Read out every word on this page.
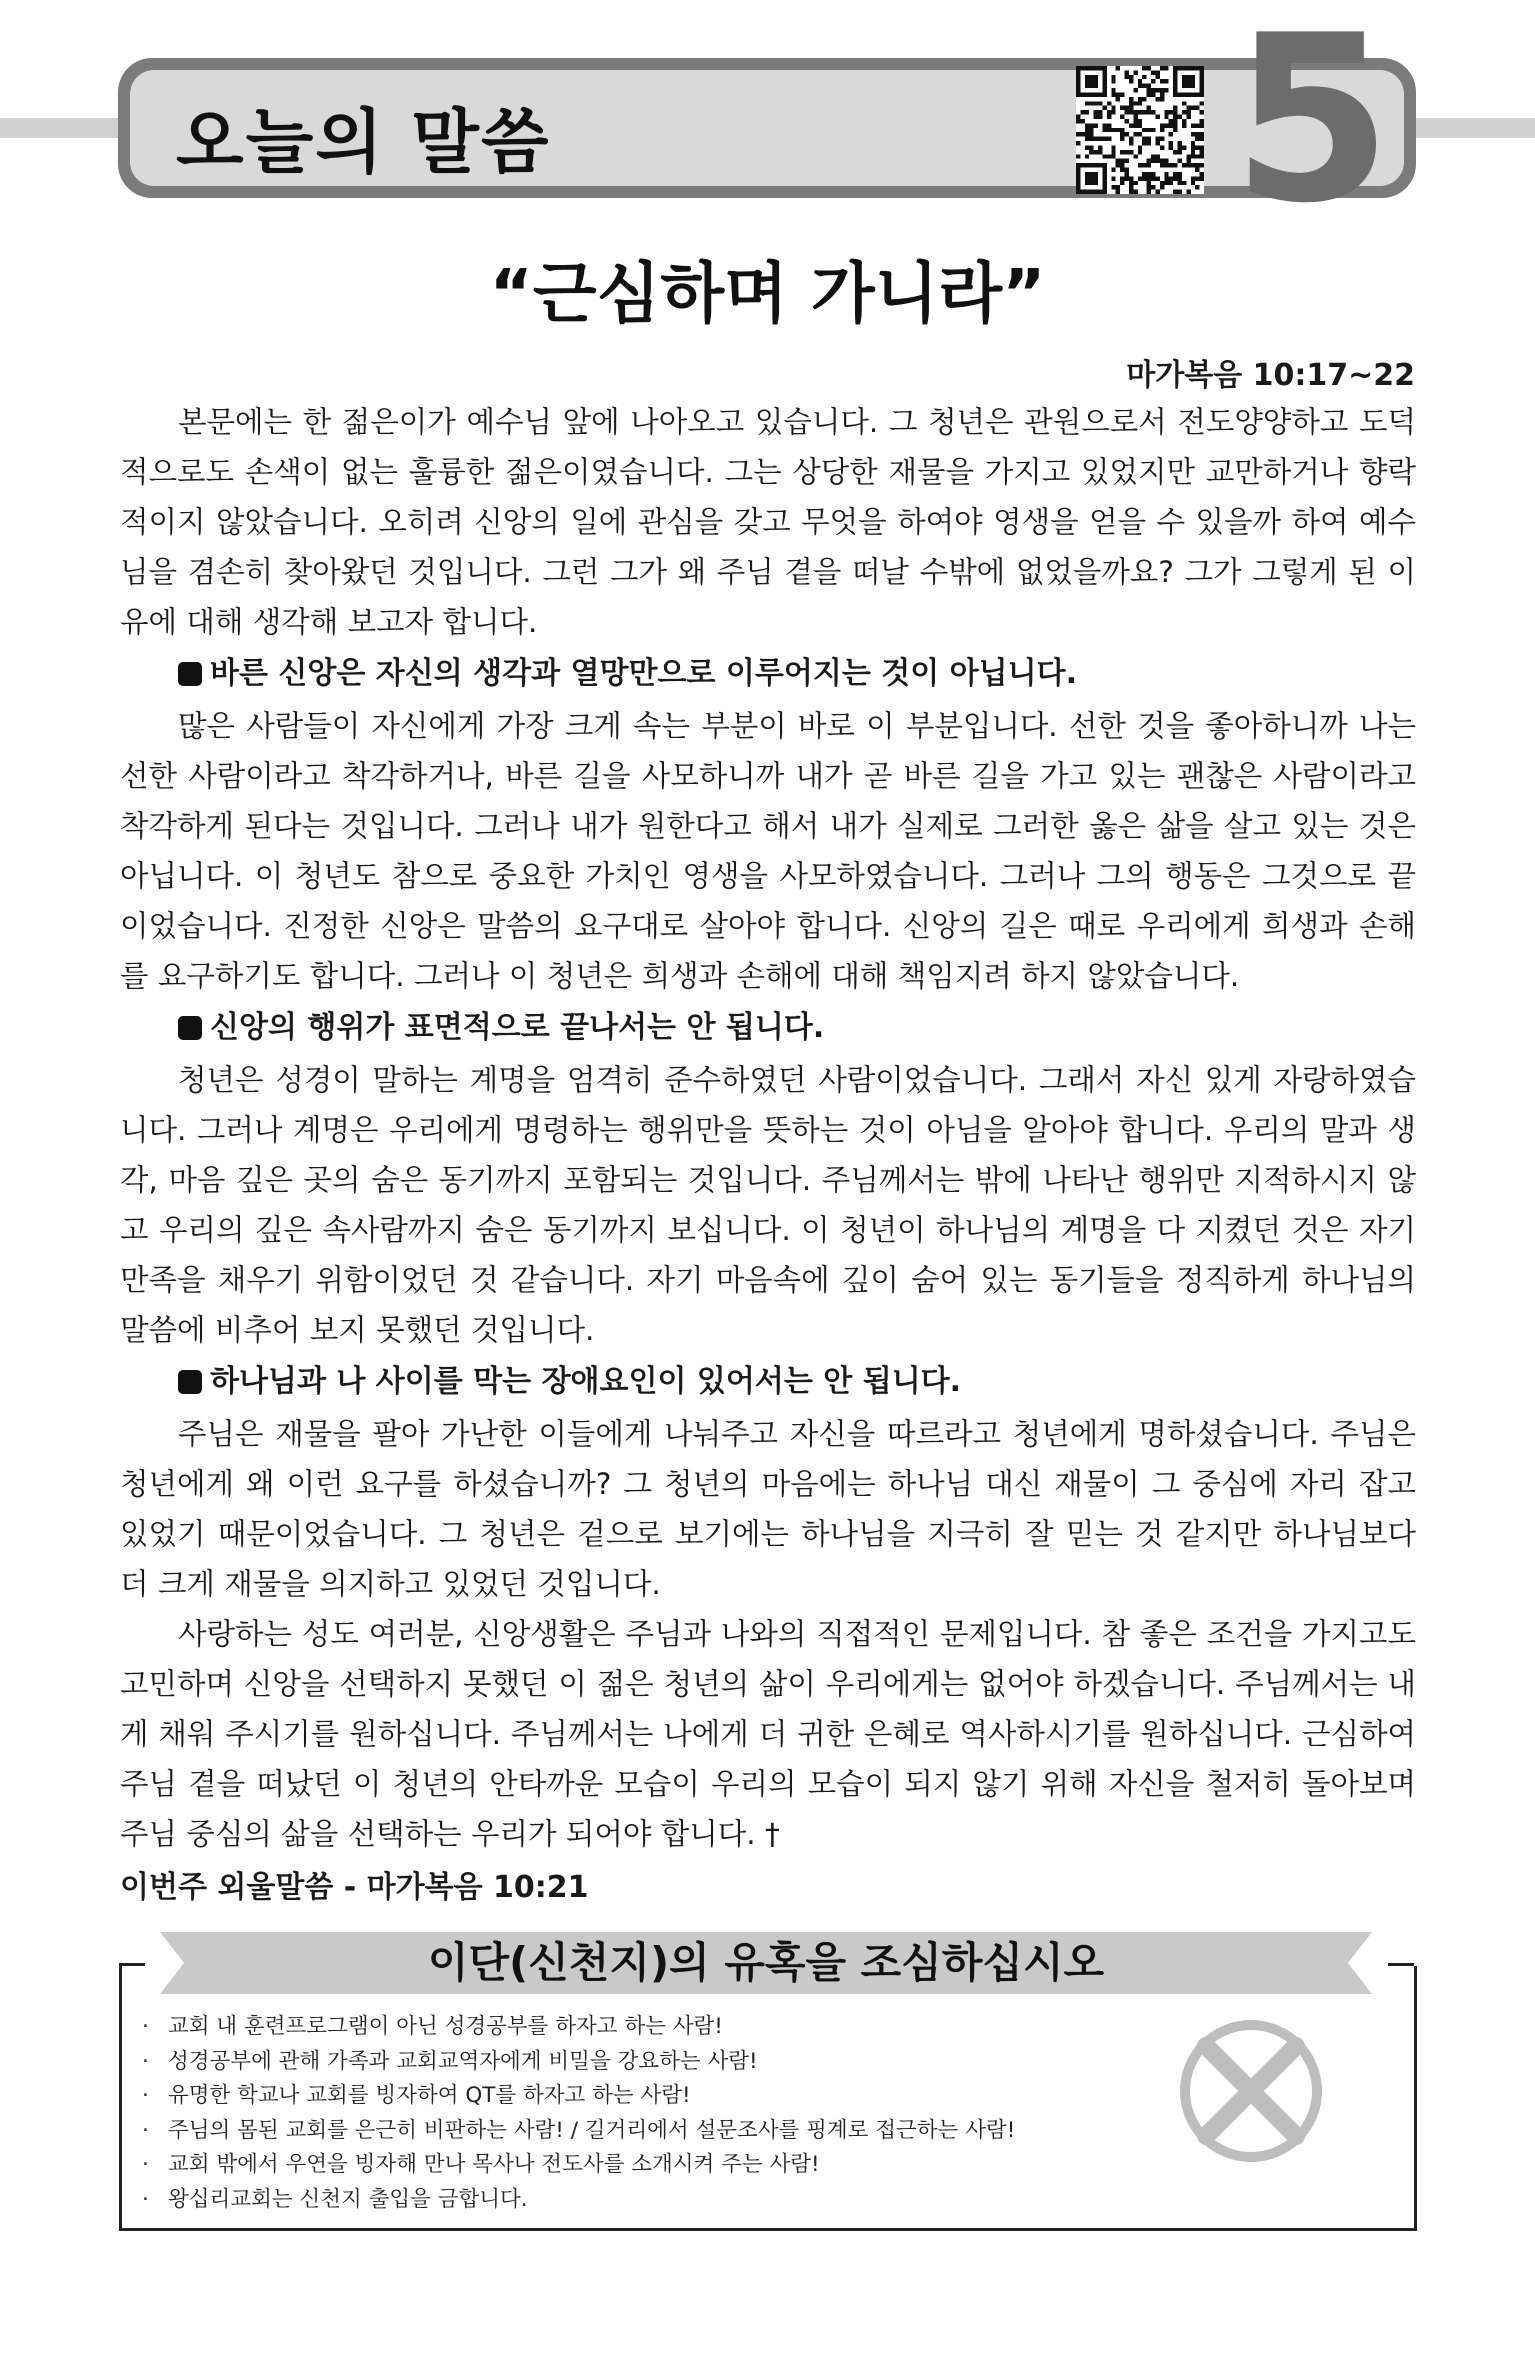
오늘의 말씀	5
“근심하며 가니라”
마가복음 10:17~22

본문에는 한 젊은이가 예수님 앞에 나아오고 있습니다. 그 청년은 관원으로서 전도양양하고 도덕적으로도 손색이 없는 훌륭한 젊은이였습니다. 그는 상당한 재물을 가지고 있었지만 교만하거나 향락적이지 않았습니다. 오히려 신앙의 일에 관심을 갖고 무엇을 하여야 영생을 얻을 수 있을까 하여 예수님을 겸손히 찾아왔던 것입니다. 그런 그가 왜 주님 곁을 떠날 수밖에 없었을까요? 그가 그렇게 된 이유에 대해 생각해 보고자 합니다.

바른 신앙은 자신의 생각과 열망만으로 이루어지는 것이 아닙니다.

많은 사람들이 자신에게 가장 크게 속는 부분이 바로 이 부분입니다. 선한 것을 좋아하니까 나는 선한 사람이라고 착각하거나, 바른 길을 사모하니까 내가 곧 바른 길을 가고 있는 괜찮은 사람이라고 착각하게 된다는 것입니다. 그러나 내가 원한다고 해서 내가 실제로 그러한 옳은 삶을 살고 있는 것은 아닙니다. 이 청년도 참으로 중요한 가치인 영생을 사모하였습니다. 그러나 그의 행동은 그것으로 끝이었습니다. 진정한 신앙은 말씀의 요구대로 살아야 합니다. 신앙의 길은 때로 우리에게 희생과 손해를 요구하기도 합니다. 그러나 이 청년은 희생과 손해에 대해 책임지려 하지 않았습니다.

신앙의 행위가 표면적으로 끝나서는 안 됩니다.

청년은 성경이 말하는 계명을 엄격히 준수하였던 사람이었습니다. 그래서 자신 있게 자랑하였습니다. 그러나 계명은 우리에게 명령하는 행위만을 뜻하는 것이 아님을 알아야 합니다. 우리의 말과 생각, 마음 깊은 곳의 숨은 동기까지 포함되는 것입니다. 주님께서는 밖에 나타난 행위만 지적하시지 않고 우리의 깊은 속사람까지 숨은 동기까지 보십니다. 이 청년이 하나님의 계명을 다 지켰던 것은 자기만족을 채우기 위함이었던 것 같습니다. 자기 마음속에 깊이 숨어 있는 동기들을 정직하게 하나님의 말씀에 비추어 보지 못했던 것입니다.

하나님과 나 사이를 막는 장애요인이 있어서는 안 됩니다.

주님은 재물을 팔아 가난한 이들에게 나눠주고 자신을 따르라고 청년에게 명하셨습니다. 주님은 청년에게 왜 이런 요구를 하셨습니까? 그 청년의 마음에는 하나님 대신 재물이 그 중심에 자리 잡고 있었기 때문이었습니다. 그 청년은 겉으로 보기에는 하나님을 지극히 잘 믿는 것 같지만 하나님보다 더 크게 재물을 의지하고 있었던 것입니다.

사랑하는 성도 여러분, 신앙생활은 주님과 나와의 직접적인 문제입니다. 참 좋은 조건을 가지고도 고민하며 신앙을 선택하지 못했던 이 젊은 청년의 삶이 우리에게는 없어야 하겠습니다. 주님께서는 내게 채워 주시기를 원하십니다. 주님께서는 나에게 더 귀한 은혜로 역사하시기를 원하십니다. 근심하여 주님 곁을 떠났던 이 청년의 안타까운 모습이 우리의 모습이 되지 않기 위해 자신을 철저히 돌아보며 주님 중심의 삶을 선택하는 우리가 되어야 합니다. †

이번주 외울말씀 - 마가복음 10:21
이단(신천지)의 유혹을 조심하십시오
· 교회 내 훈련프로그램이 아닌 성경공부를 하자고 하는 사람!
· 성경공부에 관해 가족과 교회교역자에게 비밀을 강요하는 사람!
· 유명한 학교나 교회를 빙자하여 QT를 하자고 하는 사람!
· 주님의 몸된 교회를 은근히 비판하는 사람! / 길거리에서 설문조사를 핑계로 접근하는 사람!
· 교회 밖에서 우연을 빙자해 만나 목사나 전도사를 소개시켜 주는 사람!
· 왕십리교회는 신천지 출입을 금합니다.
